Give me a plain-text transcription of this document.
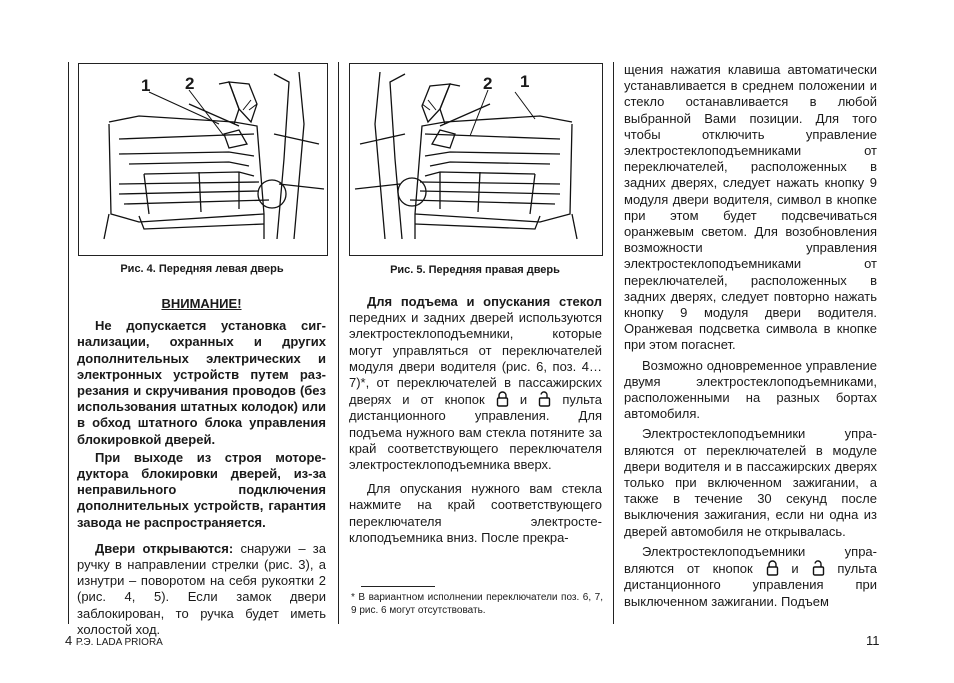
1 2
Рис. 4. Передняя левая дверь
2 1
Рис. 5. Передняя правая дверь

ВНИМАНИЕ!

Не допускается установка сигнализации, охранных и других дополнительных электрических и электронных устройств путем разрезания и скручивания проводов (без использования штатных колодок) или в обход штатного блока управления блокировкой дверей.

При выходе из строя моторедуктора блокировки дверей, из-за неправильного подключения дополнительных устройств, гарантия завода не распространяется.

Двери открываются: снаружи – за ручку в направлении стрелки (рис. 3), а изнутри – поворотом на себя рукоятки 2 (рис. 4, 5). Если замок двери заблокирован, то ручка будет иметь холостой ход.

Для подъема и опускания стекол передних и задних дверей используются электростеклоподъемники, которые могут управляться от переключателей модуля двери водителя (рис. 6, поз. 4…7)*, от переключателей в пассажирских дверях и от кнопок  и  пульта дистанционного управления. Для подъема нужного вам стекла потяните за край соответствующего переключателя электростеклоподъемника вверх.

Для опускания нужного вам стекла нажмите на край соответствующего переключателя электростеклоподъемника вниз. После прекра-

* В вариантном исполнении переключатели поз. 6, 7, 9 рис. 6 могут отсутствовать.

щения нажатия клавиша автоматически устанавливается в среднем положении и стекло останавливается в любой выбранной Вами позиции. Для того чтобы отключить управление электростеклоподъемниками от переключателей, расположенных в задних дверях, следует нажать кнопку 9 модуля двери водителя, символ в кнопке при этом будет подсвечиваться оранжевым светом. Для возобновления возможности управления электростеклоподъемниками от переключателей, расположенных в задних дверях, следует повторно нажать кнопку 9 модуля двери водителя. Оранжевая подсветка символа в кнопке при этом погаснет.

Возможно одновременное управление двумя электростеклоподъемниками, расположенными на разных бортах автомобиля.

Электростеклоподъемники управляются от переключателей в модуле двери водителя и в пассажирских дверях только при включенном зажигании, а также в течение 30 секунд после выключения зажигания, если ни одна из дверей автомобиля не открывалась.

Электростеклоподъемники управляются от кнопок  и  пульта дистанционного управления при выключенном зажигании. Подъем

4 Р.Э. LADA PRIORA	11
